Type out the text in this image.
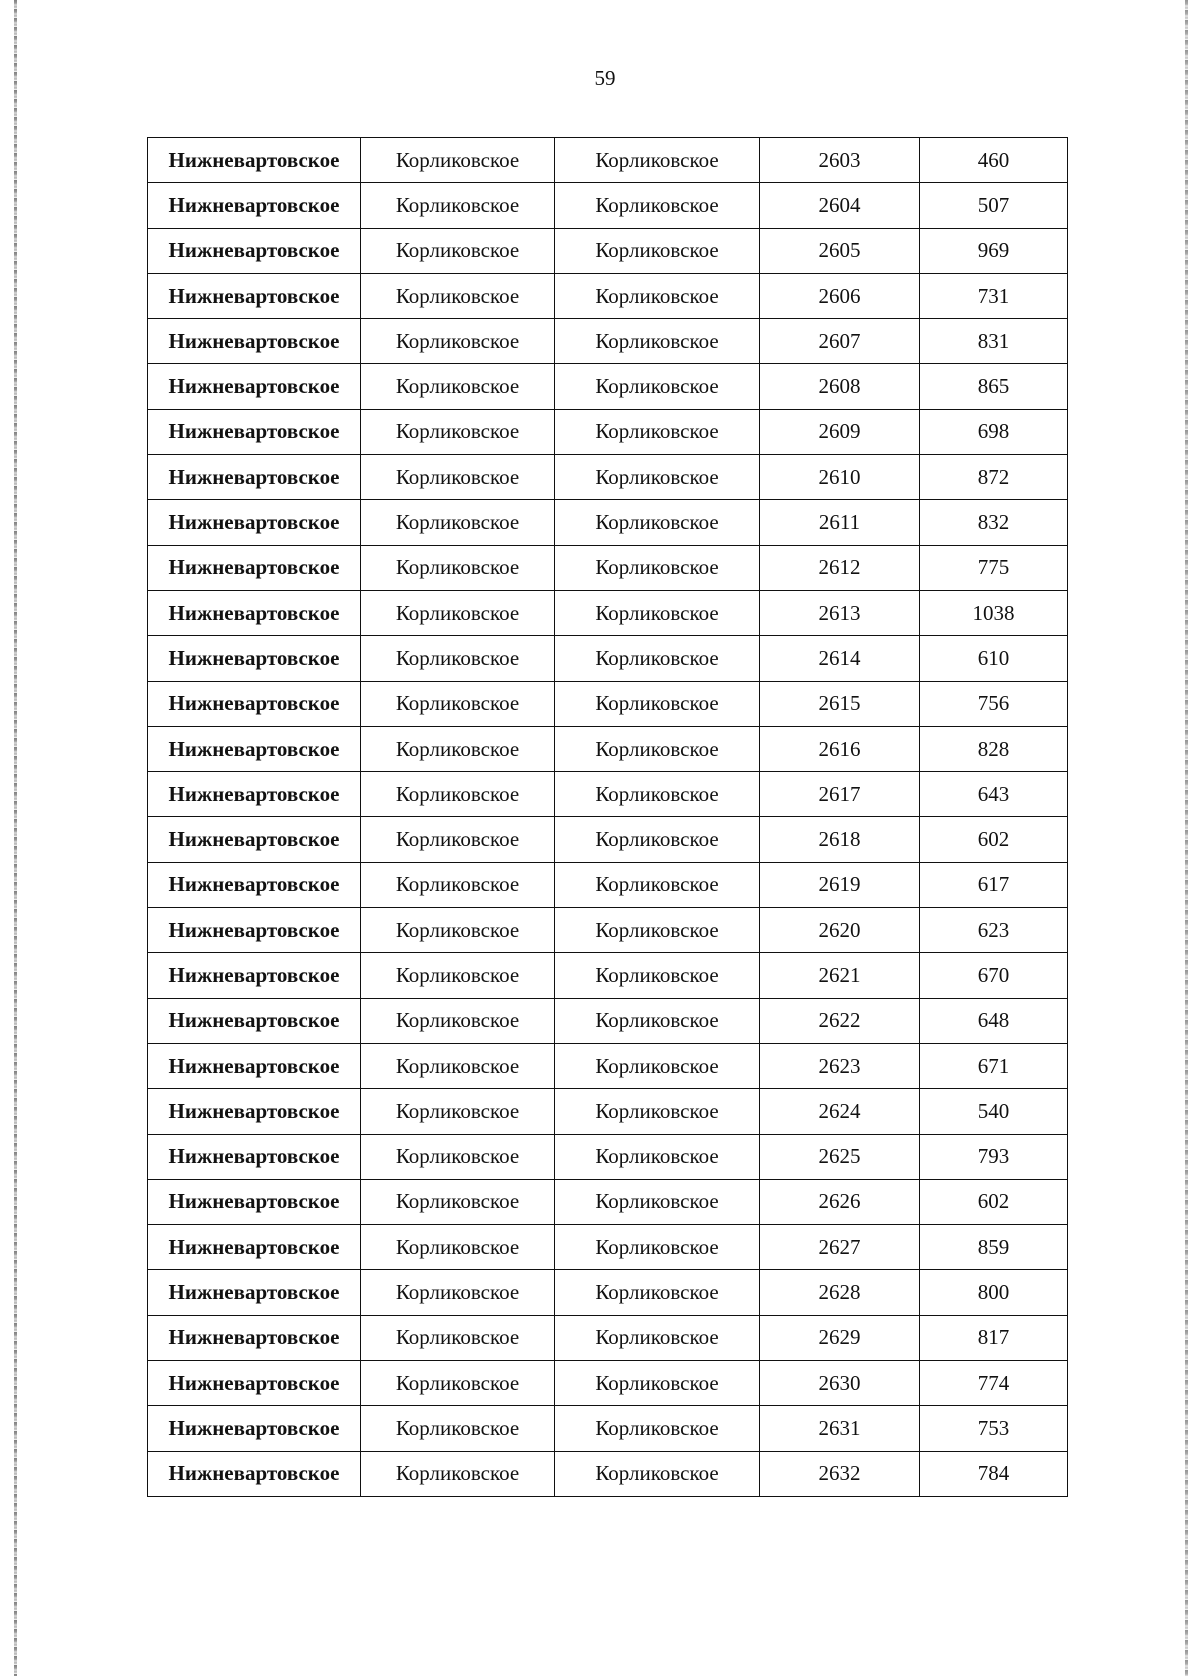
59
Нижневартовское	Корликовское	Корликовское	2603	460
Нижневартовское	Корликовское	Корликовское	2604	507
Нижневартовское	Корликовское	Корликовское	2605	969
Нижневартовское	Корликовское	Корликовское	2606	731
Нижневартовское	Корликовское	Корликовское	2607	831
Нижневартовское	Корликовское	Корликовское	2608	865
Нижневартовское	Корликовское	Корликовское	2609	698
Нижневартовское	Корликовское	Корликовское	2610	872
Нижневартовское	Корликовское	Корликовское	2611	832
Нижневартовское	Корликовское	Корликовское	2612	775
Нижневартовское	Корликовское	Корликовское	2613	1038
Нижневартовское	Корликовское	Корликовское	2614	610
Нижневартовское	Корликовское	Корликовское	2615	756
Нижневартовское	Корликовское	Корликовское	2616	828
Нижневартовское	Корликовское	Корликовское	2617	643
Нижневартовское	Корликовское	Корликовское	2618	602
Нижневартовское	Корликовское	Корликовское	2619	617
Нижневартовское	Корликовское	Корликовское	2620	623
Нижневартовское	Корликовское	Корликовское	2621	670
Нижневартовское	Корликовское	Корликовское	2622	648
Нижневартовское	Корликовское	Корликовское	2623	671
Нижневартовское	Корликовское	Корликовское	2624	540
Нижневартовское	Корликовское	Корликовское	2625	793
Нижневартовское	Корликовское	Корликовское	2626	602
Нижневартовское	Корликовское	Корликовское	2627	859
Нижневартовское	Корликовское	Корликовское	2628	800
Нижневартовское	Корликовское	Корликовское	2629	817
Нижневартовское	Корликовское	Корликовское	2630	774
Нижневартовское	Корликовское	Корликовское	2631	753
Нижневартовское	Корликовское	Корликовское	2632	784
